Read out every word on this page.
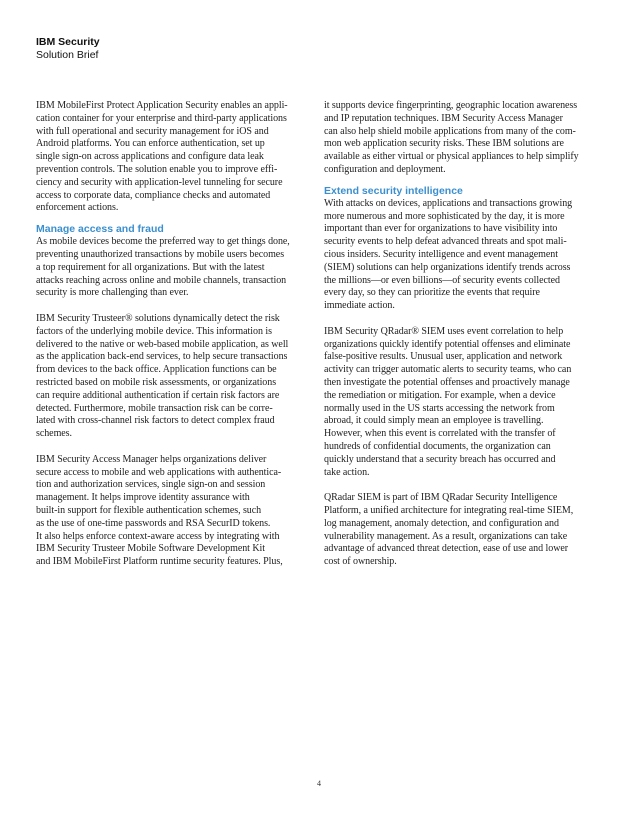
IBM Security
Solution Brief
IBM MobileFirst Protect Application Security enables an appli-
cation container for your enterprise and third-party applications
with full operational and security management for iOS and
Android platforms. You can enforce authentication, set up
single sign-on across applications and configure data leak
prevention controls. The solution enable you to improve effi-
ciency and security with application-level tunneling for secure
access to corporate data, compliance checks and automated
enforcement actions.
Manage access and fraud
As mobile devices become the preferred way to get things done,
preventing unauthorized transactions by mobile users becomes
a top requirement for all organizations. But with the latest
attacks reaching across online and mobile channels, transaction
security is more challenging than ever.
IBM Security Trusteer® solutions dynamically detect the risk
factors of the underlying mobile device. This information is
delivered to the native or web-based mobile application, as well
as the application back-end services, to help secure transactions
from devices to the back office. Application functions can be
restricted based on mobile risk assessments, or organizations
can require additional authentication if certain risk factors are
detected. Furthermore, mobile transaction risk can be corre-
lated with cross-channel risk factors to detect complex fraud
schemes.
IBM Security Access Manager helps organizations deliver
secure access to mobile and web applications with authentica-
tion and authorization services, single sign-on and session
management. It helps improve identity assurance with
built-in support for flexible authentication schemes, such
as the use of one-time passwords and RSA SecurID tokens.
It also helps enforce context-aware access by integrating with
IBM Security Trusteer Mobile Software Development Kit
and IBM MobileFirst Platform runtime security features. Plus,
it supports device fingerprinting, geographic location awareness
and IP reputation techniques. IBM Security Access Manager
can also help shield mobile applications from many of the com-
mon web application security risks. These IBM solutions are
available as either virtual or physical appliances to help simplify
configuration and deployment.
Extend security intelligence
With attacks on devices, applications and transactions growing
more numerous and more sophisticated by the day, it is more
important than ever for organizations to have visibility into
security events to help defeat advanced threats and spot mali-
cious insiders. Security intelligence and event management
(SIEM) solutions can help organizations identify trends across
the millions—or even billions—of security events collected
every day, so they can prioritize the events that require
immediate action.
IBM Security QRadar® SIEM uses event correlation to help
organizations quickly identify potential offenses and eliminate
false-positive results. Unusual user, application and network
activity can trigger automatic alerts to security teams, who can
then investigate the potential offenses and proactively manage
the remediation or mitigation. For example, when a device
normally used in the US starts accessing the network from
abroad, it could simply mean an employee is travelling.
However, when this event is correlated with the transfer of
hundreds of confidential documents, the organization can
quickly understand that a security breach has occurred and
take action.
QRadar SIEM is part of IBM QRadar Security Intelligence
Platform, a unified architecture for integrating real-time SIEM,
log management, anomaly detection, and configuration and
vulnerability management. As a result, organizations can take
advantage of advanced threat detection, ease of use and lower
cost of ownership.
4
